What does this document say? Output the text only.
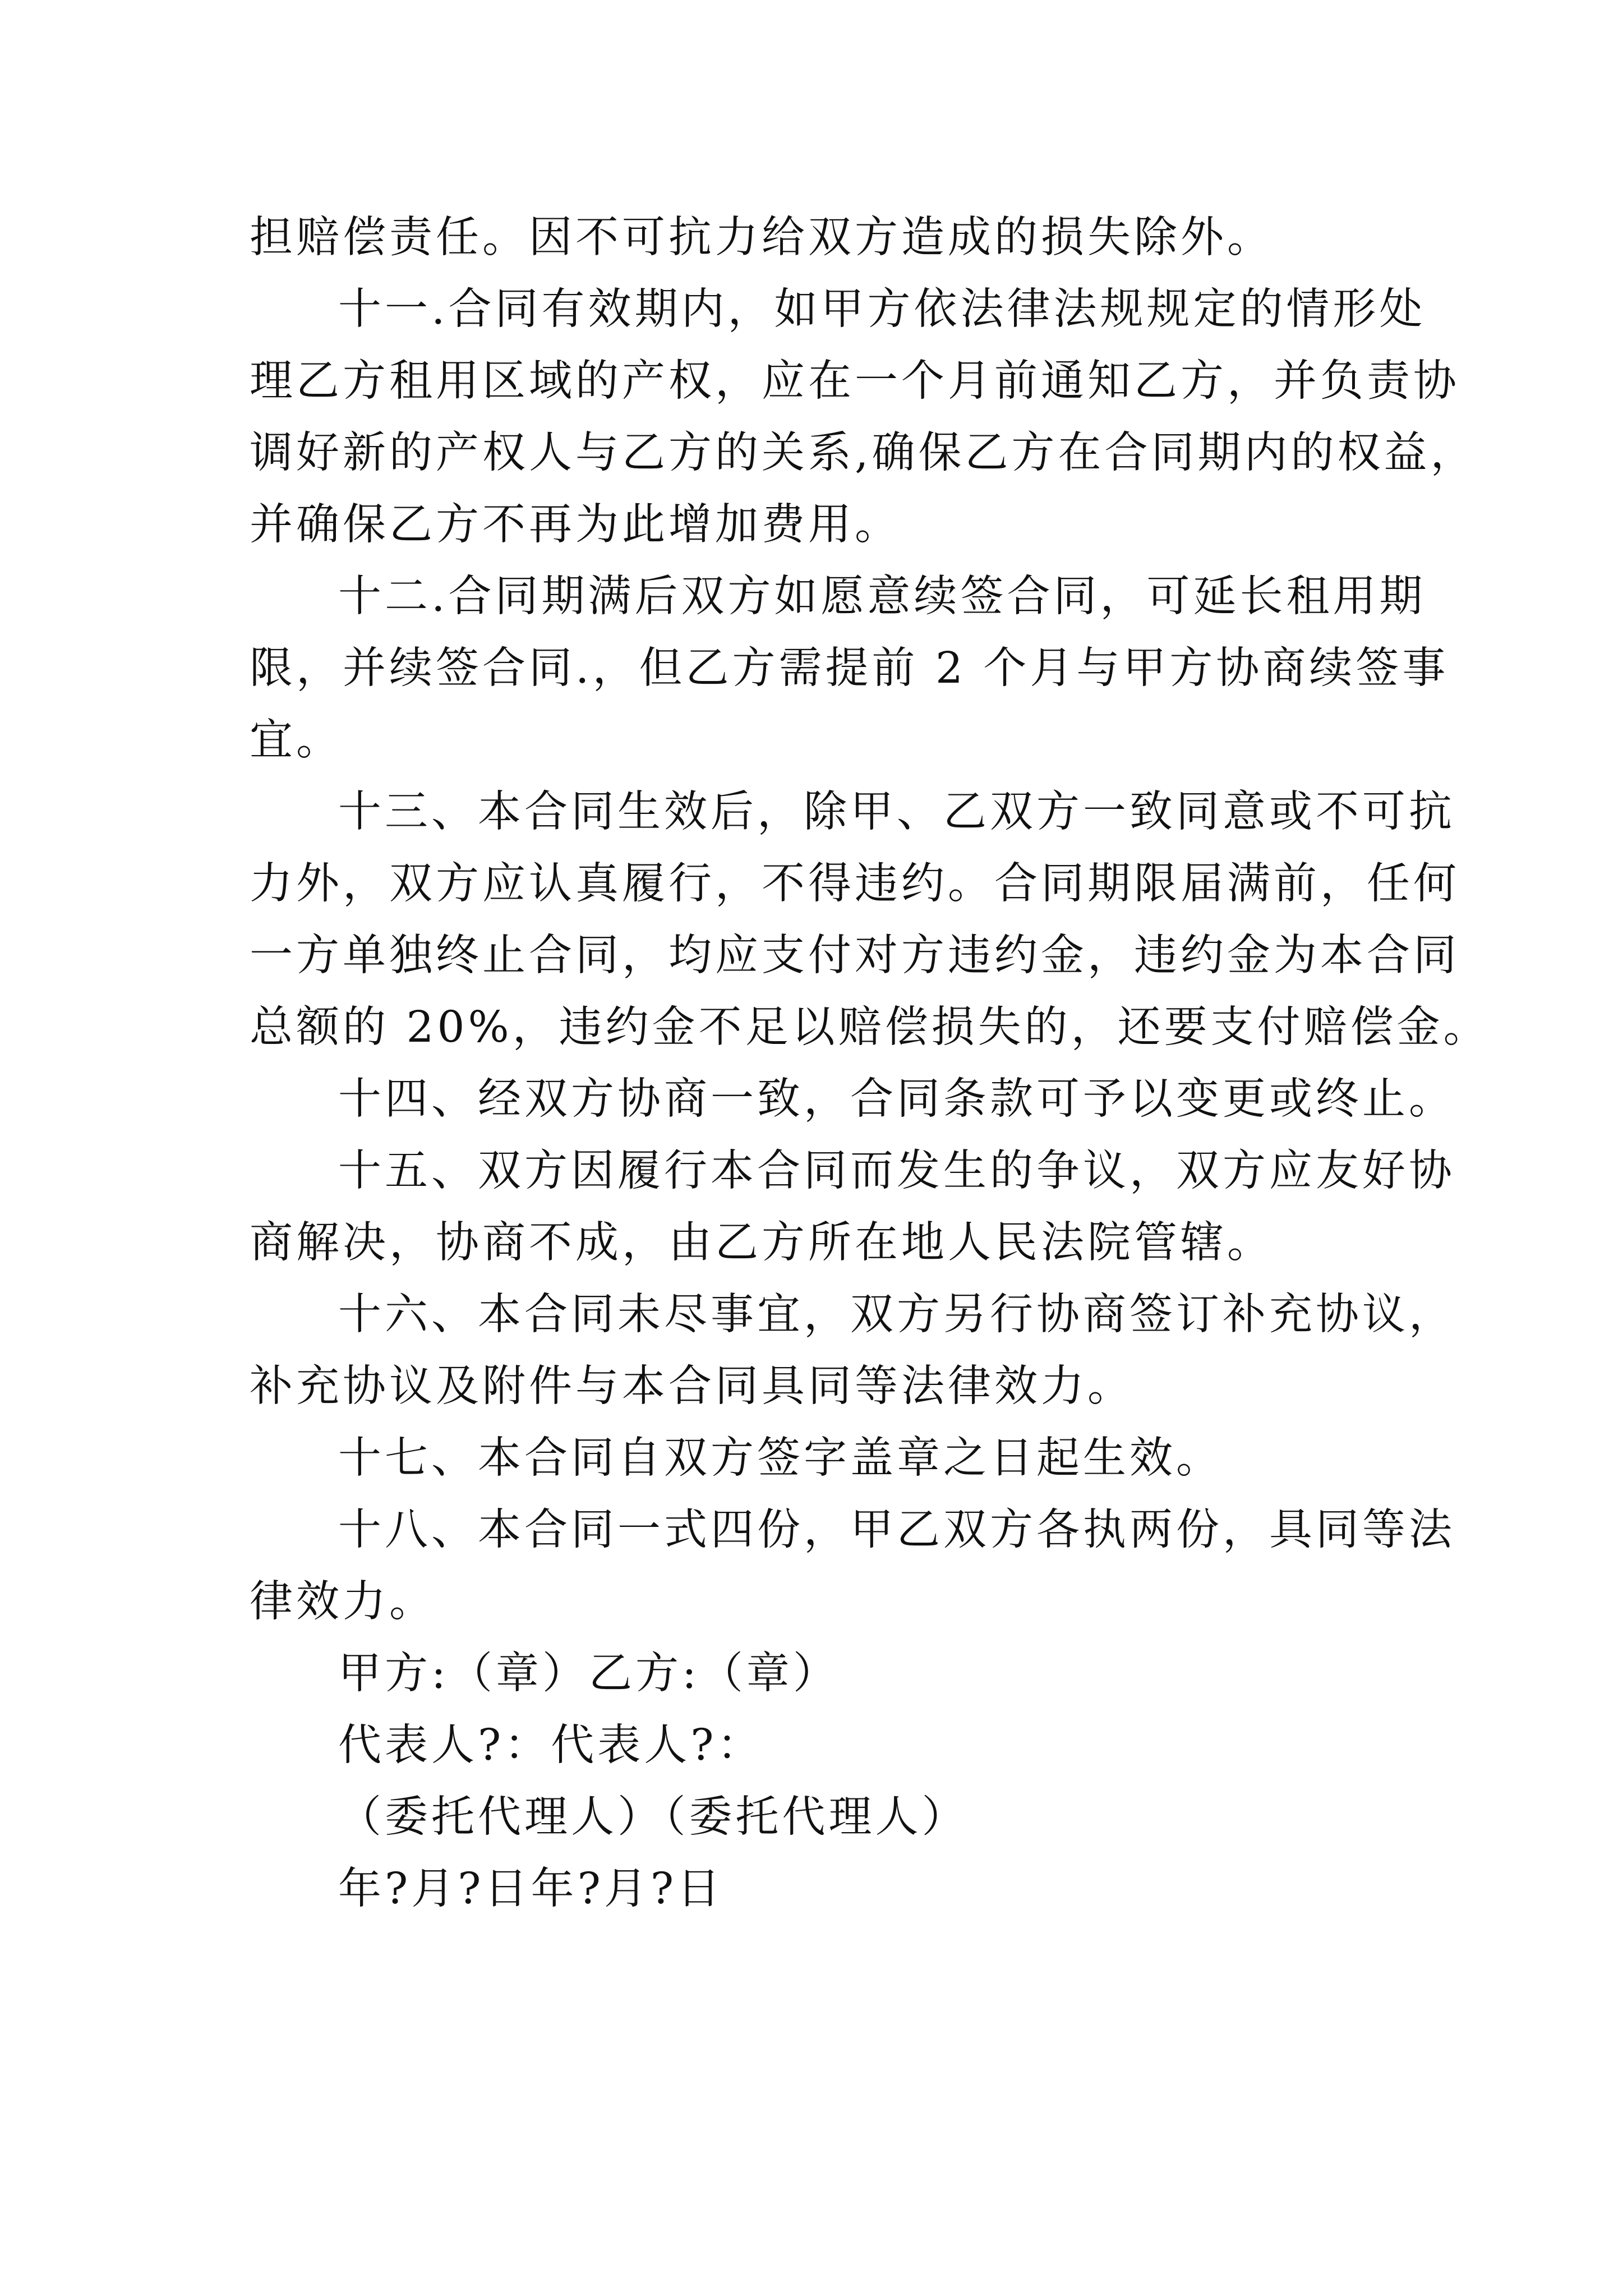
担赔偿责任。因不可抗力给双方造成的损失除外。
十一.合同有效期内，如甲方依法律法规规定的情形处
理乙方租用区域的产权，应在一个月前通知乙方，并负责协
调好新的产权人与乙方的关系,确保乙方在合同期内的权益，
并确保乙方不再为此增加费用。
十二.合同期满后双方如愿意续签合同，可延长租用期
限，并续签合同.，但乙方需提前 2 个月与甲方协商续签事
宜。
十三、本合同生效后，除甲、乙双方一致同意或不可抗
力外，双方应认真履行，不得违约。合同期限届满前，任何
一方单独终止合同，均应支付对方违约金，违约金为本合同
总额的 20%，违约金不足以赔偿损失的，还要支付赔偿金。
十四、经双方协商一致，合同条款可予以变更或终止。
十五、双方因履行本合同而发生的争议，双方应友好协
商解决，协商不成，由乙方所在地人民法院管辖。
十六、本合同未尽事宜，双方另行协商签订补充协议，
补充协议及附件与本合同具同等法律效力。
十七、本合同自双方签字盖章之日起生效。
十八、本合同一式四份，甲乙双方各执两份，具同等法
律效力。
甲方:（章）乙方:（章）
代表人?：代表人?：
（委托代理人）（委托代理人）
年?月?日年?月?日
